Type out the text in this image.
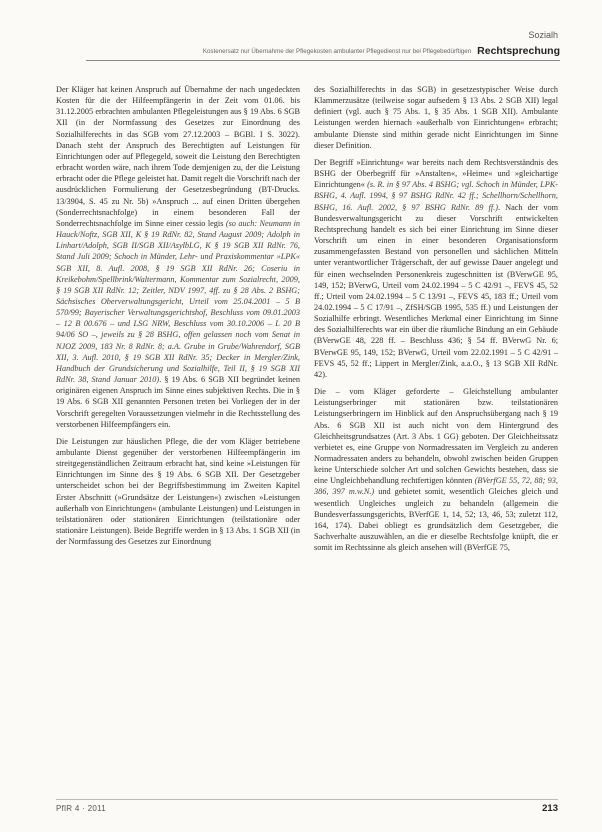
Sozialh
Kostenersatz nur Übernahme der Pflegekosten ambulanter Pflegedienst nur bei Pflegebedürftigen Rechtsprechung

Der Kläger hat keinen Anspruch auf Übernahme der nach ungedeckten Kosten für die der Hilfeempfängerin in der Zeit vom 01.06. bis 31.12.2005 erbrachten ambulanten Pflegeleistungen aus § 19 Abs. 6 SGB XII (in der Normfassung des Gesetzes zur Einordnung des Sozialhilferechts in das SGB vom 27.12.2003 – BGBl. I S. 3022). Danach steht der Anspruch des Berechtigten auf Leistungen für Einrichtungen oder auf Pflegegeld, soweit die Leistung den Berechtigten erbracht worden wäre, nach ihrem Tode demjenigen zu, der die Leistung erbracht oder die Pflege geleistet hat. Damit regelt die Vorschrift nach der ausdrücklichen Formulierung der Gesetzesbegründung (BT-Drucks. 13/3904, S. 45 zu Nr. 5b) »Anspruch ... auf einen Dritten übergehen (Sonderrechtsnachfolge) in einem besonderen Fall der Sonderrechtsnachfolge im Sinne einer cessio legis (so auch: Neumann in Hauck/Noftz, SGB XII, K § 19 RdNr. 82, Stand August 2009; Adolph in Linhart/Adolph, SGB II/SGB XII/AsylbLG, K § 19 SGB XII RdNr. 76, Stand Juli 2009; Schoch in Münder, Lehr- und Praxiskommentar »LPK« SGB XII, 8. Aufl. 2008, § 19 SGB XII RdNr. 26; Coseriu in Kreikebohm/Spellbrink/Waltermann, Kommentar zum Sozialrecht, 2009, § 19 SGB XII RdNr. 12; Zeitler, NDV 1997, 4ff. zu § 28 Abs. 2 BSHG; Sächsisches Oberverwaltungsgericht, Urteil vom 25.04.2001 – 5 B 570/99; Bayerischer Verwaltungsgerichtshof, Beschluss vom 09.01.2003 – 12 B 00.676 – und LSG NRW, Beschluss vom 30.10.2006 – L 20 B 94/06 SO –, jeweils zu § 28 BSHG, offen gelassen noch vom Senat in NJOZ 2009, 183 Nr. 8 RdNr. 8; a.A. Grube in Grube/Wahrendorf, SGB XII, 3. Aufl. 2010, § 19 SGB XII RdNr. 35; Decker in Mergler/Zink, Handbuch der Grundsicherung und Sozialhilfe, Teil II, § 19 SGB XII RdNr. 38, Stand Januar 2010). § 19 Abs. 6 SGB XII begründet keinen originären eigenen Anspruch im Sinne eines subjektiven Rechts. Die in § 19 Abs. 6 SGB XII genannten Personen treten bei Vorliegen der in der Vorschrift geregelten Voraussetzungen vielmehr in die Rechtsstellung des verstorbenen Hilfeempfängers ein.

Die Leistungen zur häuslichen Pflege, die der vom Kläger betriebene ambulante Dienst gegenüber der verstorbenen Hilfeempfängerin im streitgegenständlichen Zeitraum erbracht hat, sind keine »Leistungen für Einrichtungen im Sinne des § 19 Abs. 6 SGB XII. Der Gesetzgeber unterscheidet schon bei der Begriffsbestimmung im Zweiten Kapitel Erster Abschnitt (»Grundsätze der Leistungen«) zwischen »Leistungen außerhalb von Einrichtungen« (ambulante Leistungen) und Leistungen in teilstationären oder stationären Einrichtungen (teilstationäre oder stationäre Leistungen). Beide Begriffe werden in § 13 Abs. 1 SGB XII (in der Normfassung des Gesetzes zur Einordnung

des Sozialhilferechts in das SGB) in gesetzestypischer Weise durch Klammerzusätze (teilweise sogar aufsedem § 13 Abs. 2 SGB XII) legal definiert (vgl. auch § 75 Abs. 1, § 35 Abs. 1 SGB XII). Ambulante Leistungen werden hiernach »außerhalb von Einrichtungen« erbracht; ambulante Dienste sind mithin gerade nicht Einrichtungen im Sinne dieser Definition.

Der Begriff »Einrichtung« war bereits nach dem Rechtsverständnis des BSHG der Oberbegriff für »Anstalten«, »Heime« und »gleichartige Einrichtungen« (s. R. in § 97 Abs. 4 BSHG; vgl. Schoch in Münder, LPK-BSHG, 4. Aufl. 1994, § 97 BSHG RdNr. 42 ff.; Schellhorn/Schellhorn, BSHG, 16. Aufl. 2002, § 97 BSHG RdNr. 89 ff.). Nach der vom Bundesverwaltungsgericht zu dieser Vorschrift entwickelten Rechtsprechung handelt es sich bei einer Einrichtung im Sinne dieser Vorschrift um einen in einer besonderen Organisationsform zusammengefassten Bestand von personellen und sächlichen Mitteln unter verantwortlicher Trägerschaft, der auf gewisse Dauer angelegt und für einen wechselnden Personenkreis zugeschnitten ist (BVerwGE 95, 149, 152; BVerwG, Urteil vom 24.02.1994 – 5 C 42/91 –, FEVS 45, 52 ff.; Urteil vom 24.02.1994 – 5 C 13/91 –, FEVS 45, 183 ff.; Urteil vom 24.02.1994 – 5 C 17/91 –, ZfSH/SGB 1995, 535 ff.) und Leistungen der Sozialhilfe erbringt. Wesentliches Merkmal einer Einrichtung im Sinne des Sozialhilferechts war ein über die räumliche Bindung an ein Gebäude (BVerwGE 48, 228 ff. – Beschluss 436; § 54 ff. BVerwG Nr. 6; BVerwGE 95, 149, 152; BVerwG, Urteil vom 22.02.1991 – 5 C 42/91 – FEVS 45, 52 ff.; Lippert in Mergler/Zink, a.a.O., § 13 SGB XII RdNr. 42).

Die – vom Kläger geforderte – Gleichstellung ambulanter Leistungserbringer mit stationären bzw. teilstationären Leistungserbringern im Hinblick auf den Anspruchsübergang nach § 19 Abs. 6 SGB XII ist auch nicht von dem Hintergrund des Gleichheitsgrundsatzes (Art. 3 Abs. 1 GG) geboten. Der Gleichheitssatz verbietet es, eine Gruppe von Normadressaten im Vergleich zu anderen Normadressaten anders zu behandeln, obwohl zwischen beiden Gruppen keine Unterschiede solcher Art und solchen Gewichts bestehen, dass sie eine Ungleichbehandlung rechtfertigen könnten (BVerfGE 55, 72, 88; 93, 386, 397 m.w.N.) und gebietet somit, wesentlich Gleiches gleich und wesentlich Ungleiches ungleich zu behandeln (allgemein die Bundesverfassungsgerichts, BVerfGE 1, 14, 52; 13, 46, 53; zuletzt 112, 164, 174). Dabei obliegt es grundsätzlich dem Gesetzgeber, die Sachverhalte auszuwählen, an die er dieselbe Rechtsfolge knüpft, die er somit im Rechtssinne als gleich ansehen will (BVerfGE 75,

PflR 4 · 2011	213
